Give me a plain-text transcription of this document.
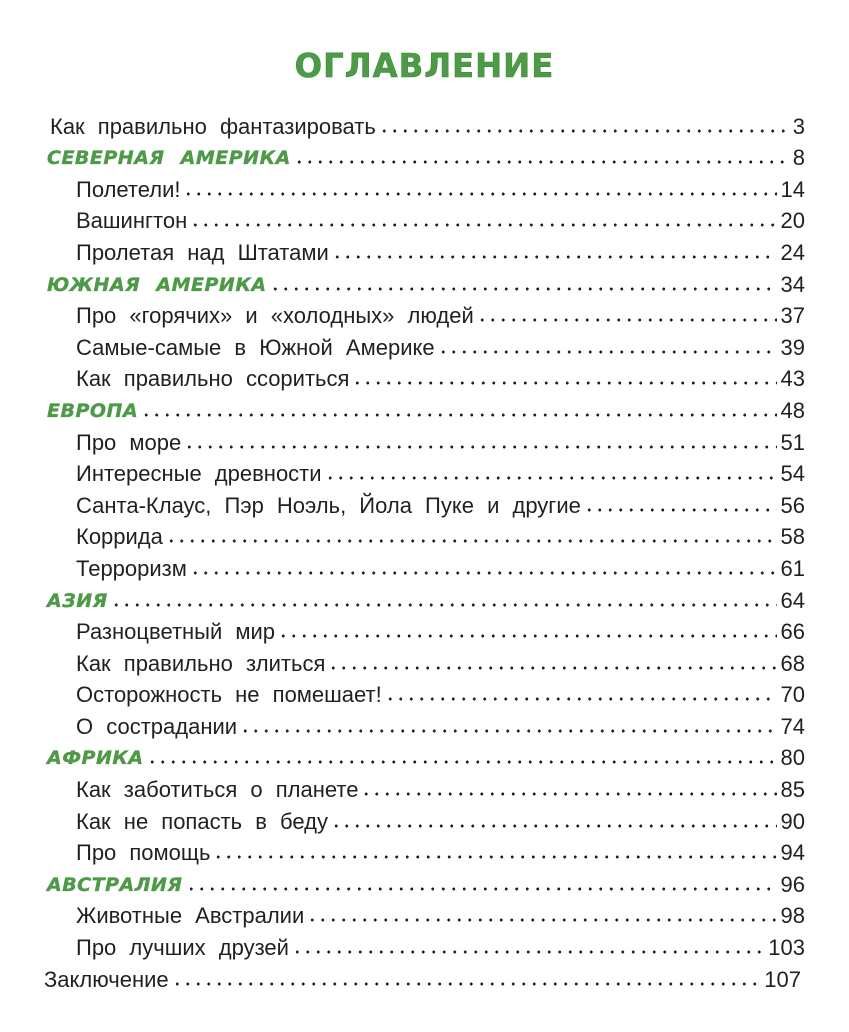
ОГЛАВЛЕНИЕ
Как правильно фантазировать	3
СЕВЕРНАЯ АМЕРИКА	8
Полетели!	14
Вашингтон	20
Пролетая над Штатами	24
ЮЖНАЯ АМЕРИКА	34
Про «горячих» и «холодных» людей	37
Самые-самые в Южной Америке	39
Как правильно ссориться	43
ЕВРОПА	48
Про море	51
Интересные древности	54
Санта-Клаус, Пэр Ноэль, Йола Пуке и другие	56
Коррида	58
Терроризм	61
АЗИЯ	64
Разноцветный мир	66
Как правильно злиться	68
Осторожность не помешает!	70
О сострадании	74
АФРИКА	80
Как заботиться о планете	85
Как не попасть в беду	90
Про помощь	94
АВСТРАЛИЯ	96
Животные Австралии	98
Про лучших друзей	103
Заключение	107
